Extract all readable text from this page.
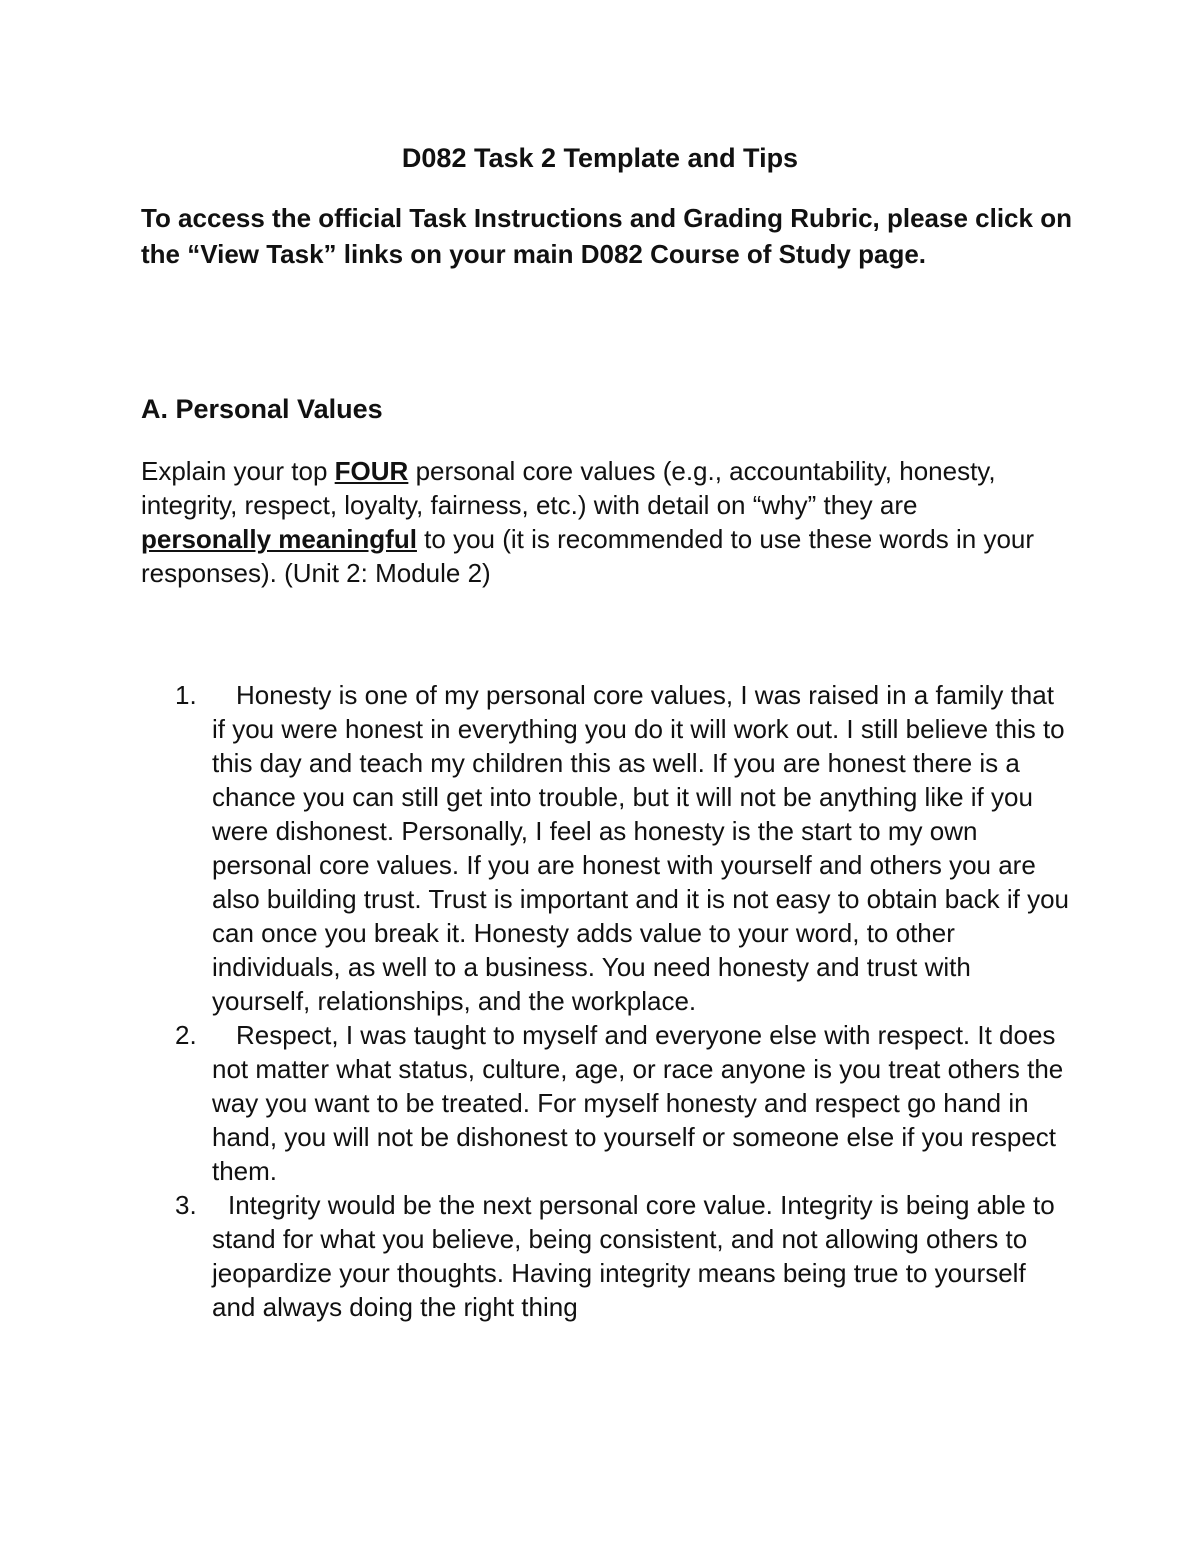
D082 Task 2 Template and Tips

To access the official Task Instructions and Grading Rubric, please click on the “View Task” links on your main D082 Course of Study page.

A. Personal Values

Explain your top FOUR personal core values (e.g., accountability, honesty, integrity, respect, loyalty, fairness, etc.) with detail on “why” they are personally meaningful to you (it is recommended to use these words in your responses). (Unit 2: Module 2)

1.	Honesty is one of my personal core values, I was raised in a family that if you were honest in everything you do it will work out. I still believe this to this day and teach my children this as well. If you are honest there is a chance you can still get into trouble, but it will not be anything like if you were dishonest. Personally, I feel as honesty is the start to my own personal core values. If you are honest with yourself and others you are also building trust. Trust is important and it is not easy to obtain back if you can once you break it. Honesty adds value to your word, to other individuals, as well to a business. You need honesty and trust with yourself, relationships, and the workplace.
2.	Respect, I was taught to myself and everyone else with respect. It does not matter what status, culture, age, or race anyone is you treat others the way you want to be treated. For myself honesty and respect go hand in hand, you will not be dishonest to yourself or someone else if you respect them.
3.	Integrity would be the next personal core value. Integrity is being able to stand for what you believe, being consistent, and not allowing others to jeopardize your thoughts. Having integrity means being true to yourself and always doing the right thing
